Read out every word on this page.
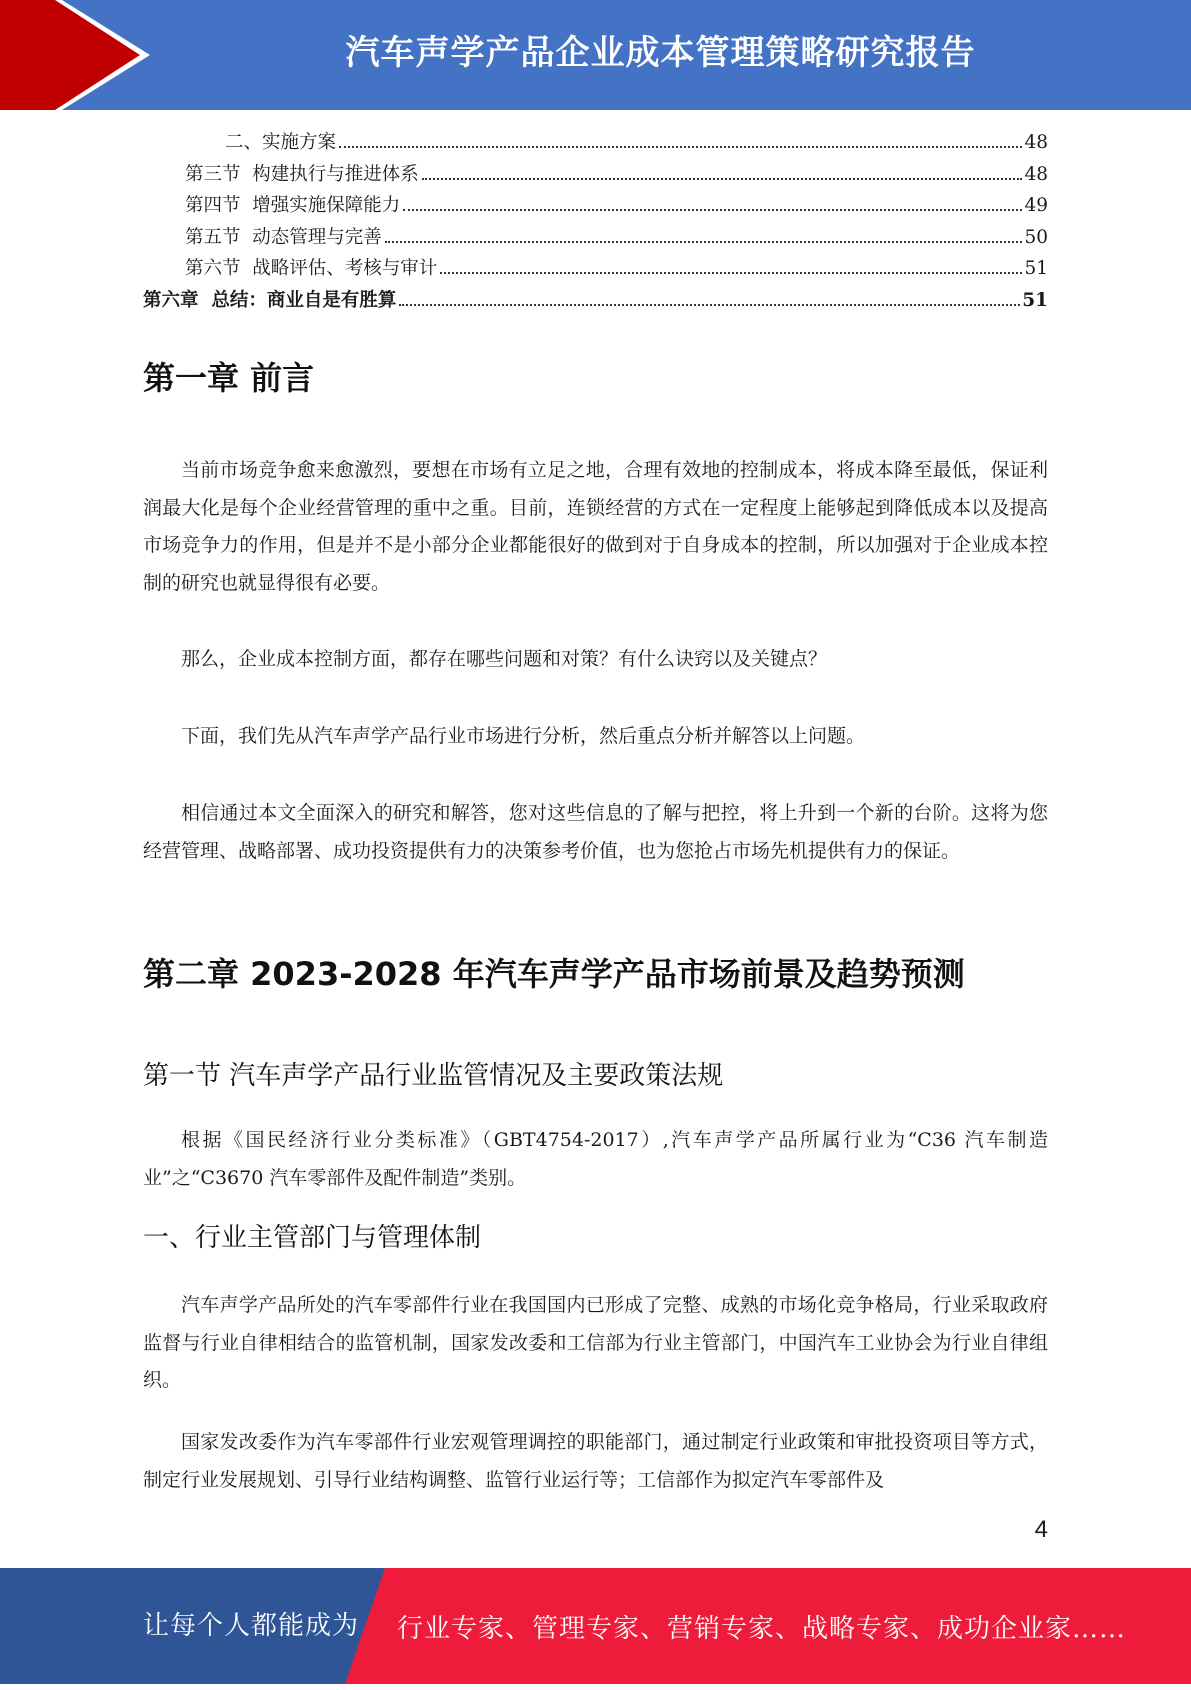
汽车声学产品企业成本管理策略研究报告
二、实施方案	48
第三节  构建执行与推进体系	48
第四节  增强实施保障能力	49
第五节  动态管理与完善	50
第六节  战略评估、考核与审计	51
第六章  总结：商业自是有胜算	51
第一章 前言

当前市场竞争愈来愈激烈，要想在市场有立足之地，合理有效地的控制成本，将成本降至最低，保证利润最大化是每个企业经营管理的重中之重。目前，连锁经营的方式在一定程度上能够起到降低成本以及提高市场竞争力的作用，但是并不是小部分企业都能很好的做到对于自身成本的控制，所以加强对于企业成本控制的研究也就显得很有必要。

那么，企业成本控制方面，都存在哪些问题和对策？有什么诀窍以及关键点？

下面，我们先从汽车声学产品行业市场进行分析，然后重点分析并解答以上问题。

相信通过本文全面深入的研究和解答，您对这些信息的了解与把控，将上升到一个新的台阶。这将为您经营管理、战略部署、成功投资提供有力的决策参考价值，也为您抢占市场先机提供有力的保证。

第二章 2023-2028 年汽车声学产品市场前景及趋势预测
第一节 汽车声学产品行业监管情况及主要政策法规

根据《国民经济行业分类标准》（GBT4754-2017）,汽车声学产品所属行业为“C36 汽车制造业”之“C3670 汽车零部件及配件制造”类别。

一、行业主管部门与管理体制

汽车声学产品所处的汽车零部件行业在我国国内已形成了完整、成熟的市场化竞争格局，行业采取政府监督与行业自律相结合的监管机制，国家发改委和工信部为行业主管部门，中国汽车工业协会为行业自律组织。

国家发改委作为汽车零部件行业宏观管理调控的职能部门，通过制定行业政策和审批投资项目等方式，制定行业发展规划、引导行业结构调整、监管行业运行等；工信部作为拟定汽车零部件及

4
让每个人都能成为 行业专家、管理专家、营销专家、战略专家、成功企业家……
